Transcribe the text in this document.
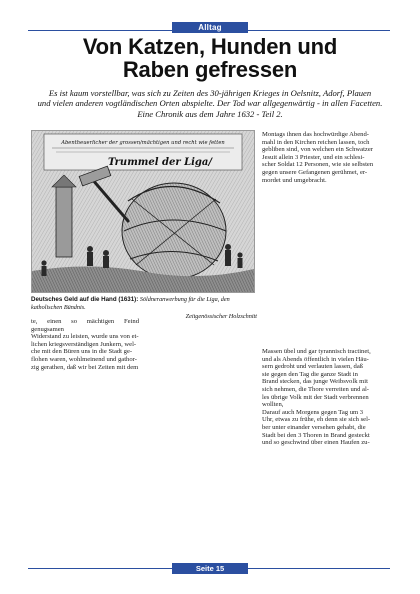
Alltag
Von Katzen, Hunden und
Raben gefressen
Es ist kaum vorstellbar, was sich zu Zeiten des 30-jährigen Krieges in Oelsnitz, Adorf, Plauen
und vielen anderen vogtländischen Orten abspielte. Der Tod war allgegenwärtig - in allen Facetten.
Eine Chronik aus dem Jahre 1632 - Teil 2.
Abentheuerlicher der grossen/mächtigen und recht wie fetten
Trummel der Liga/
Deutsches Geld auf die Hand (1631): Söldneranwerbung für die Liga, den katholischen Bündnis.
Zeitgenössischer Holzschnitt
Montags ihnen das hochwürdige Abend-
mahl in den Kirchen reichen lassen, toch
gebliben sind, von welchen ein Schwatzer
Jesuit allein 3 Priester, und ein schlesi-
scher Soldat 12 Personen, wie sie selbsten
gegen unsere Gefangenen gerühmet, er-
mordet und umgebracht.
te, einen so mächtigen Feind genugsamen
Widerstand zu leisten, wurde uns von et-
lichen kriegsverständigen Junkern, wel-
che mit den Büren uns in die Stadt ge-
flohen waren, wohlmeinend und gathor-
zig gerathen, daß wir bei Zeiten mit dem
Massen übel und gar tyrannisch tractinet,
und als Abends öffentlich in vielen Häu-
sern gedroht und verlauten lassen, daß
sie gegen den Tag die ganze Stadt in
Brand stecken, das junge Weibsvolk mit
sich nehmen, die Thore verreiten und al-
les übrige Volk mit der Stadt verbrennen
wollten,
Darauf auch Morgens gegen Tag um 3
Uhr, etwas zu frühe, eh denn sie sich sel-
ber unter einander versehen gehabt, die
Stadt bei den 3 Thoren in Brand gesteckt
und so geschwind über einen Haufen zu-
Seite 15
